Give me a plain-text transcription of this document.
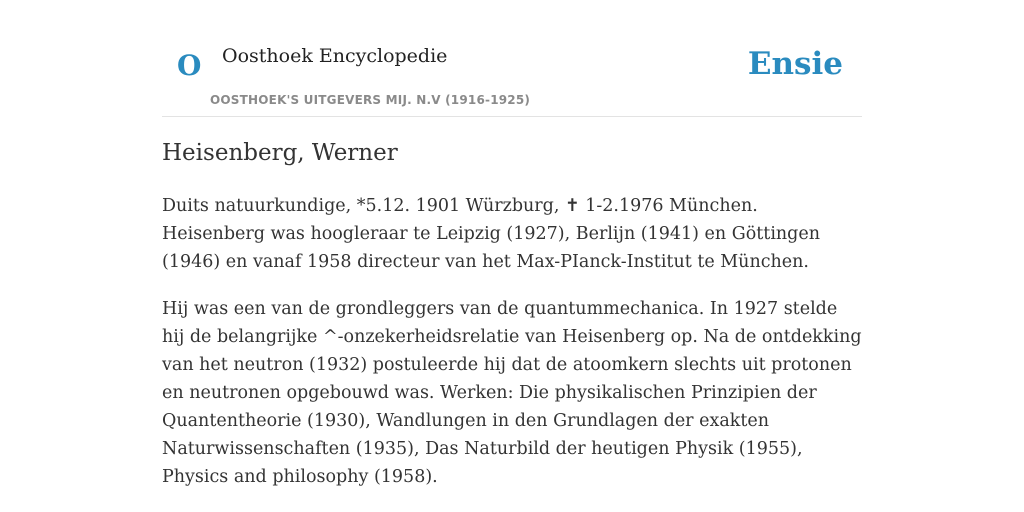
O Oosthoek Encyclopedie
OOSTHOEK'S UITGEVERS MIJ. N.V (1916-1925)
Ensie
Heisenberg, Werner

Duits natuurkundige, *5.12. 1901 Würzburg, ✝ 1-2.1976 München. Heisenberg was hoogleraar te Leipzig (1927), Berlijn (1941) en Göttingen (1946) en vanaf 1958 directeur van het Max-PIanck-Institut te München.

Hij was een van de grondleggers van de quantummechanica. In 1927 stelde hij de belangrijke ^-onzekerheidsrelatie van Heisenberg op. Na de ontdekking van het neutron (1932) postuleerde hij dat de atoomkern slechts uit protonen en neutronen opgebouwd was. Werken: Die physikalischen Prinzipien der Quantentheorie (1930), Wandlungen in den Grundlagen der exakten Naturwissenschaften (1935), Das Naturbild der heutigen Physik (1955), Physics and philosophy (1958).
